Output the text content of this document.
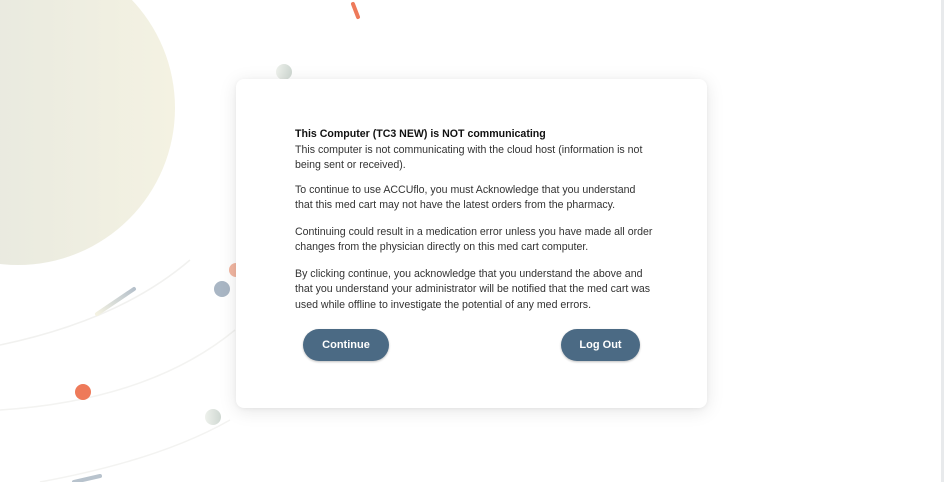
This Computer (TC3 NEW) is NOT communicating

This computer is not communicating with the cloud host (information is not being sent or received).

To continue to use ACCUflo, you must Acknowledge that you understand that this med cart may not have the latest orders from the pharmacy.

Continuing could result in a medication error unless you have made all order changes from the physician directly on this med cart computer.

By clicking continue, you acknowledge that you understand the above and that you understand your administrator will be notified that the med cart was used while offline to investigate the potential of any med errors.

Continue	Log Out
